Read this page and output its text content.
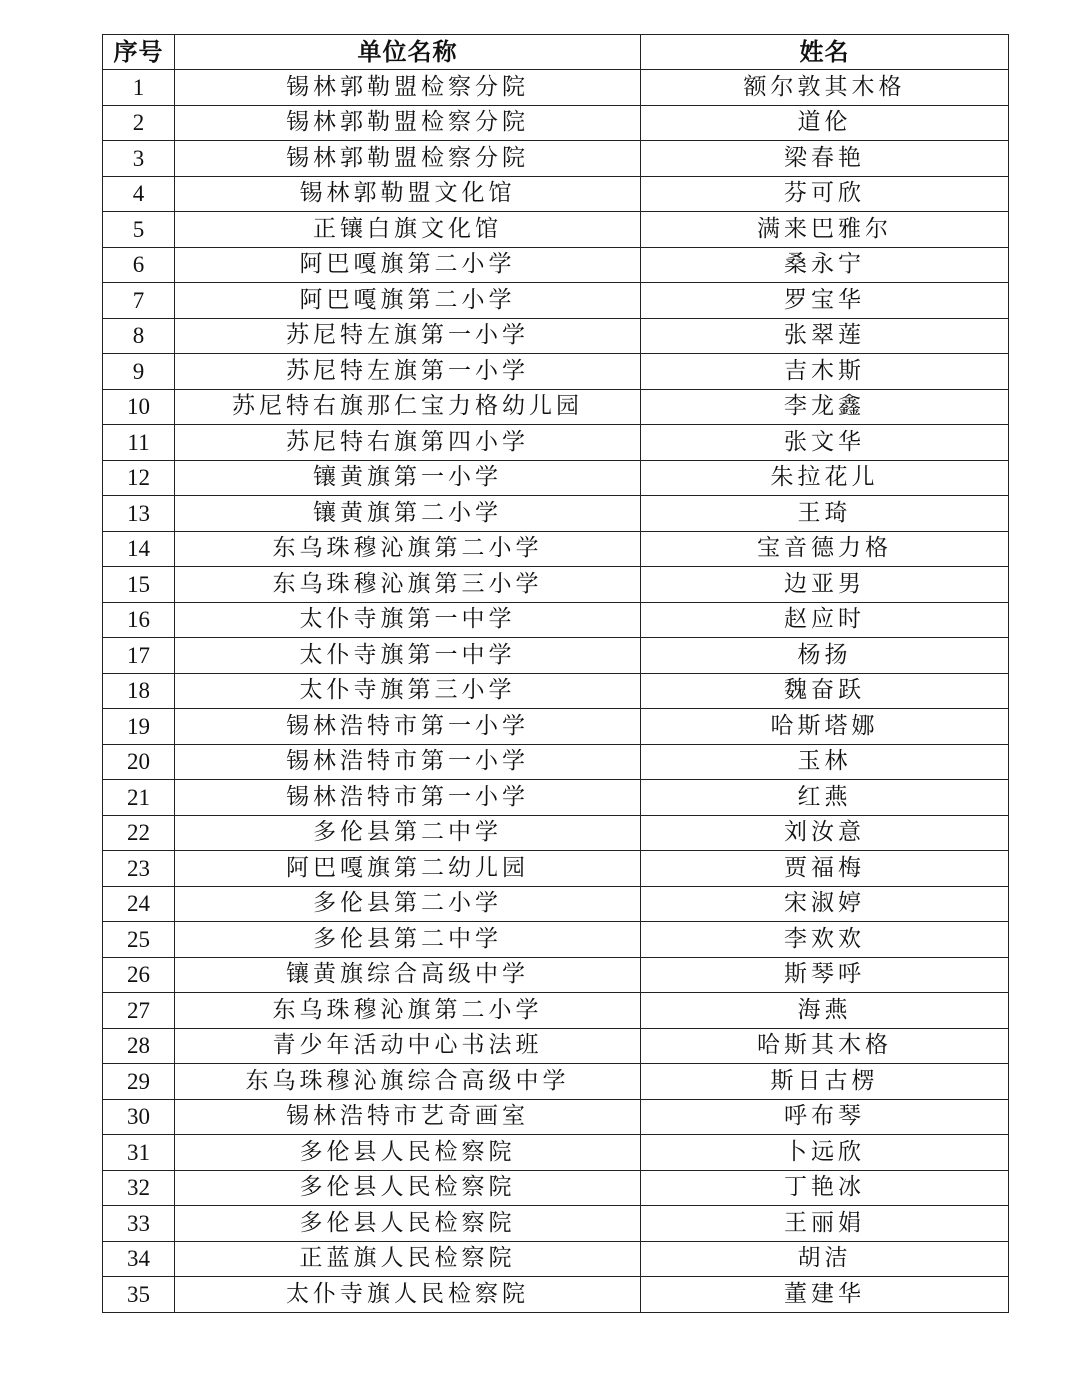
序号	单位名称	姓名
1	锡林郭勒盟检察分院	额尔敦其木格
2	锡林郭勒盟检察分院	道伦
3	锡林郭勒盟检察分院	梁春艳
4	锡林郭勒盟文化馆	芬可欣
5	正镶白旗文化馆	满来巴雅尔
6	阿巴嘎旗第二小学	桑永宁
7	阿巴嘎旗第二小学	罗宝华
8	苏尼特左旗第一小学	张翠莲
9	苏尼特左旗第一小学	吉木斯
10	苏尼特右旗那仁宝力格幼儿园	李龙鑫
11	苏尼特右旗第四小学	张文华
12	镶黄旗第一小学	朱拉花儿
13	镶黄旗第二小学	王琦
14	东乌珠穆沁旗第二小学	宝音德力格
15	东乌珠穆沁旗第三小学	边亚男
16	太仆寺旗第一中学	赵应时
17	太仆寺旗第一中学	杨扬
18	太仆寺旗第三小学	魏奋跃
19	锡林浩特市第一小学	哈斯塔娜
20	锡林浩特市第一小学	玉林
21	锡林浩特市第一小学	红燕
22	多伦县第二中学	刘汝意
23	阿巴嘎旗第二幼儿园	贾福梅
24	多伦县第二小学	宋淑婷
25	多伦县第二中学	李欢欢
26	镶黄旗综合高级中学	斯琴呼
27	东乌珠穆沁旗第二小学	海燕
28	青少年活动中心书法班	哈斯其木格
29	东乌珠穆沁旗综合高级中学	斯日古楞
30	锡林浩特市艺奇画室	呼布琴
31	多伦县人民检察院	卜远欣
32	多伦县人民检察院	丁艳冰
33	多伦县人民检察院	王丽娟
34	正蓝旗人民检察院	胡洁
35	太仆寺旗人民检察院	董建华
